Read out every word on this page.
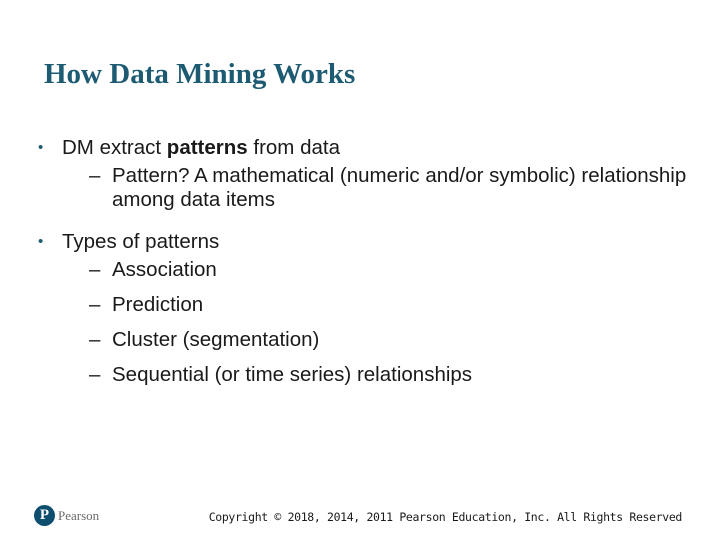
How Data Mining Works
• DM extract patterns from data
– Pattern? A mathematical (numeric and/or symbolic) relationship among data items
• Types of patterns
– Association
– Prediction
– Cluster (segmentation)
– Sequential (or time series) relationships
P Pearson	Copyright © 2018, 2014, 2011 Pearson Education, Inc. All Rights Reserved
